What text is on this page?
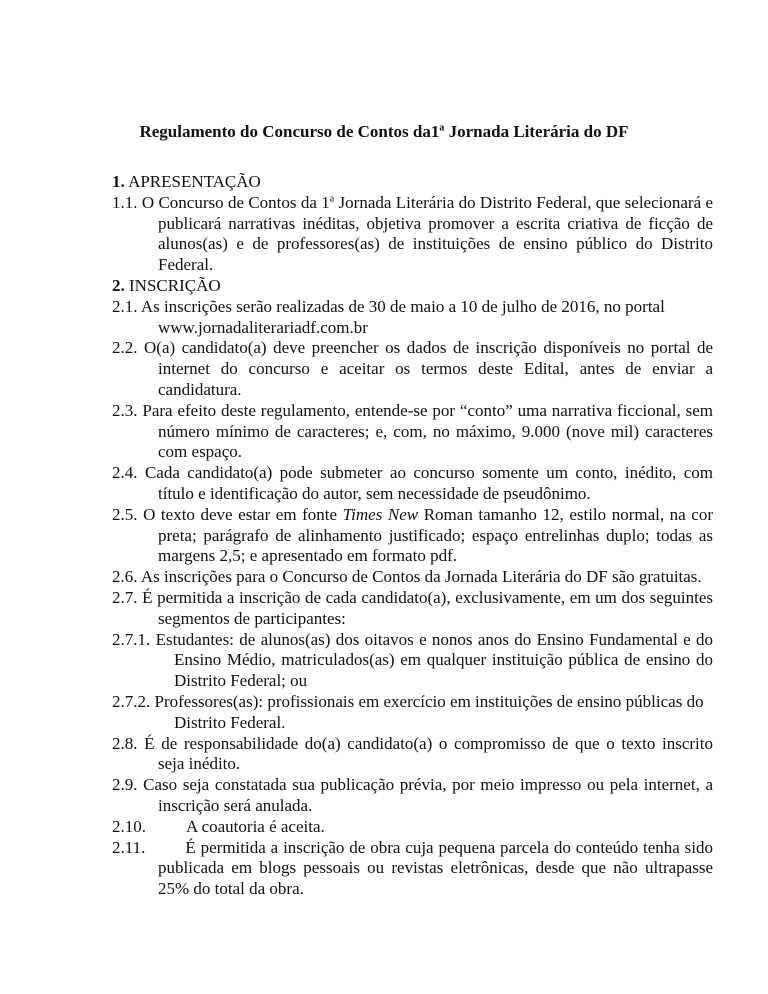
Regulamento do Concurso de Contos da1$^a$ Jornada Literária do DF
1. APRESENTAÇÃO
1.1. O Concurso de Contos da 1$^a$ Jornada Literária do Distrito Federal, que selecionará e publicará narrativas inéditas, objetiva promover a escrita criativa de ficção de alunos(as) e de professores(as) de instituições de ensino público do Distrito Federal.
2. INSCRIÇÃO
2.1. As inscrições serão realizadas de 30 de maio a 10 de julho de 2016, no portal www.jornadaliterariadf.com.br
2.2. O(a) candidato(a) deve preencher os dados de inscrição disponíveis no portal de internet do concurso e aceitar os termos deste Edital, antes de enviar a candidatura.
2.3. Para efeito deste regulamento, entende-se por “conto” uma narrativa ficcional, sem número mínimo de caracteres; e, com, no máximo, 9.000 (nove mil) caracteres com espaço.
2.4. Cada candidato(a) pode submeter ao concurso somente um conto, inédito, com título e identificação do autor, sem necessidade de pseudônimo.
2.5. O texto deve estar em fonte Times New Roman tamanho 12, estilo normal, na cor preta; parágrafo de alinhamento justificado; espaço entrelinhas duplo; todas as margens 2,5; e apresentado em formato pdf.
2.6. As inscrições para o Concurso de Contos da Jornada Literária do DF são gratuitas.
2.7. É permitida a inscrição de cada candidato(a), exclusivamente, em um dos seguintes segmentos de participantes:
2.7.1. Estudantes: de alunos(as) dos oitavos e nonos anos do Ensino Fundamental e do Ensino Médio, matriculados(as) em qualquer instituição pública de ensino do Distrito Federal; ou
2.7.2. Professores(as): profissionais em exercício em instituições de ensino públicas do Distrito Federal.
2.8. É de responsabilidade do(a) candidato(a) o compromisso de que o texto inscrito seja inédito.
2.9. Caso seja constatada sua publicação prévia, por meio impresso ou pela internet, a inscrição será anulada.
2.10. A coautoria é aceita.
2.11. É permitida a inscrição de obra cuja pequena parcela do conteúdo tenha sido publicada em blogs pessoais ou revistas eletrônicas, desde que não ultrapasse 25% do total da obra.
